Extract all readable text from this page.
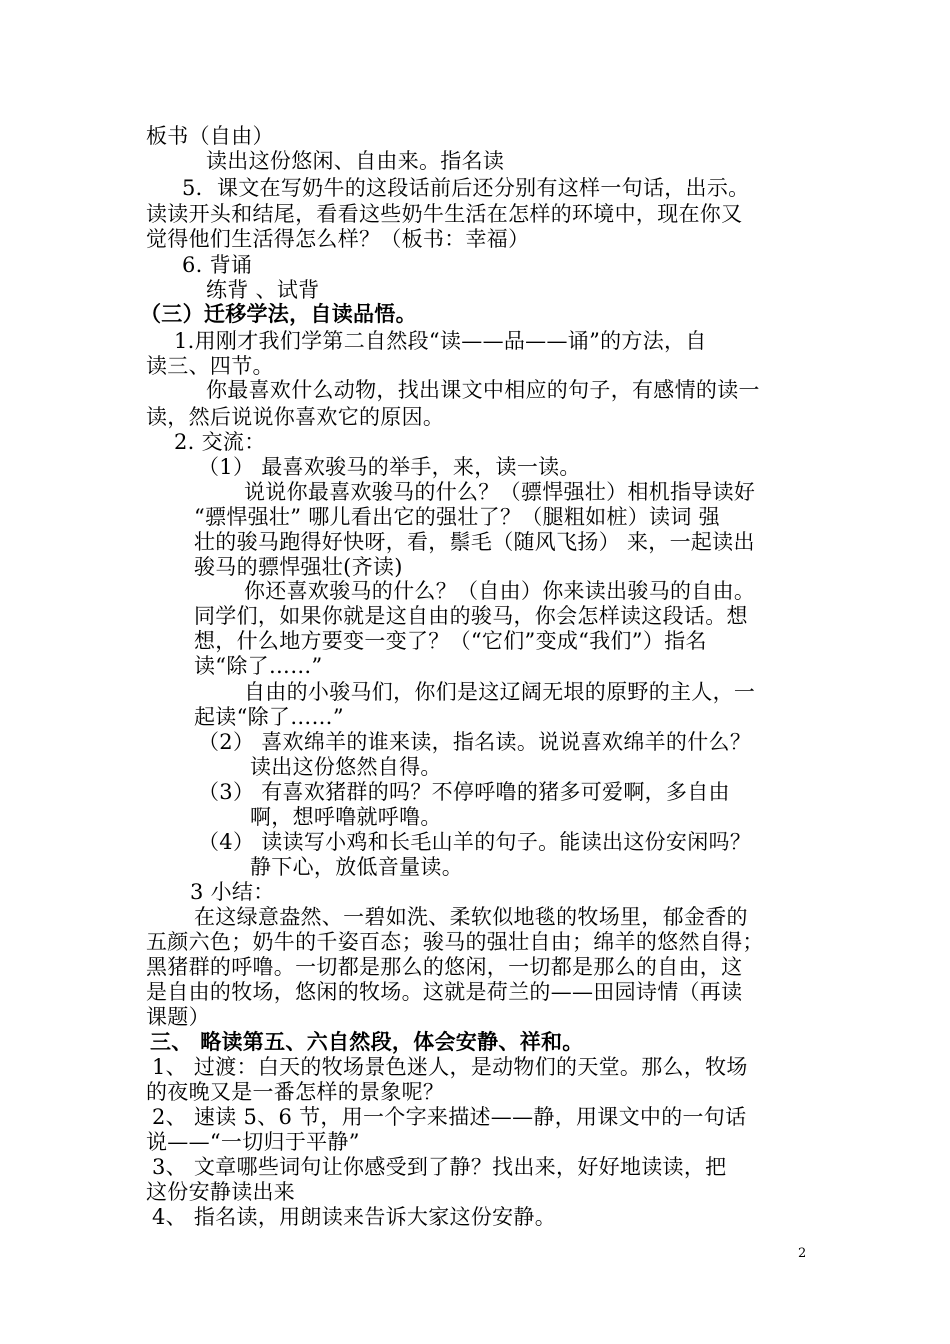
板书（自由）
读出这份悠闲、自由来。指名读
5．课文在写奶牛的这段话前后还分别有这样一句话，出示。
读读开头和结尾，看看这些奶牛生活在怎样的环境中，现在你又
觉得他们生活得怎么样？（板书：幸福）
6. 背诵
练背 、试背
（三）迁移学法，自读品悟。
1.用刚才我们学第二自然段“读——品——诵”的方法，自
读三、四节。
你最喜欢什么动物，找出课文中相应的句子，有感情的读一
读，然后说说你喜欢它的原因。
2. 交流：
（1） 最喜欢骏马的举手，来，读一读。
说说你最喜欢骏马的什么？（骠悍强壮）相机指导读好
“骠悍强壮” 哪儿看出它的强壮了？（腿粗如桩）读词 强
壮的骏马跑得好快呀，看，鬃毛（随风飞扬） 来，一起读出
骏马的骠悍强壮(齐读)
你还喜欢骏马的什么？（自由）你来读出骏马的自由。
同学们，如果你就是这自由的骏马，你会怎样读这段话。想
想，什么地方要变一变了？（“它们”变成“我们”）指名
读“除了……”
自由的小骏马们，你们是这辽阔无垠的原野的主人，一
起读“除了……”
（2） 喜欢绵羊的谁来读，指名读。说说喜欢绵羊的什么？
读出这份悠然自得。
（3） 有喜欢猪群的吗？不停呼噜的猪多可爱啊，多自由
啊，想呼噜就呼噜。
（4） 读读写小鸡和长毛山羊的句子。能读出这份安闲吗？
静下心，放低音量读。
3 小结：
在这绿意盎然、一碧如洗、柔软似地毯的牧场里，郁金香的
五颜六色；奶牛的千姿百态；骏马的强壮自由；绵羊的悠然自得；
黑猪群的呼噜。一切都是那么的悠闲，一切都是那么的自由，这
是自由的牧场，悠闲的牧场。这就是荷兰的——田园诗情（再读
课题）
三、 略读第五、六自然段，体会安静、祥和。
1、 过渡：白天的牧场景色迷人，是动物们的天堂。那么，牧场
的夜晚又是一番怎样的景象呢？
2、 速读 5、6 节，用一个字来描述——静，用课文中的一句话
说——“一切归于平静”
3、 文章哪些词句让你感受到了静？找出来，好好地读读，把
这份安静读出来
4、 指名读，用朗读来告诉大家这份安静。
2
